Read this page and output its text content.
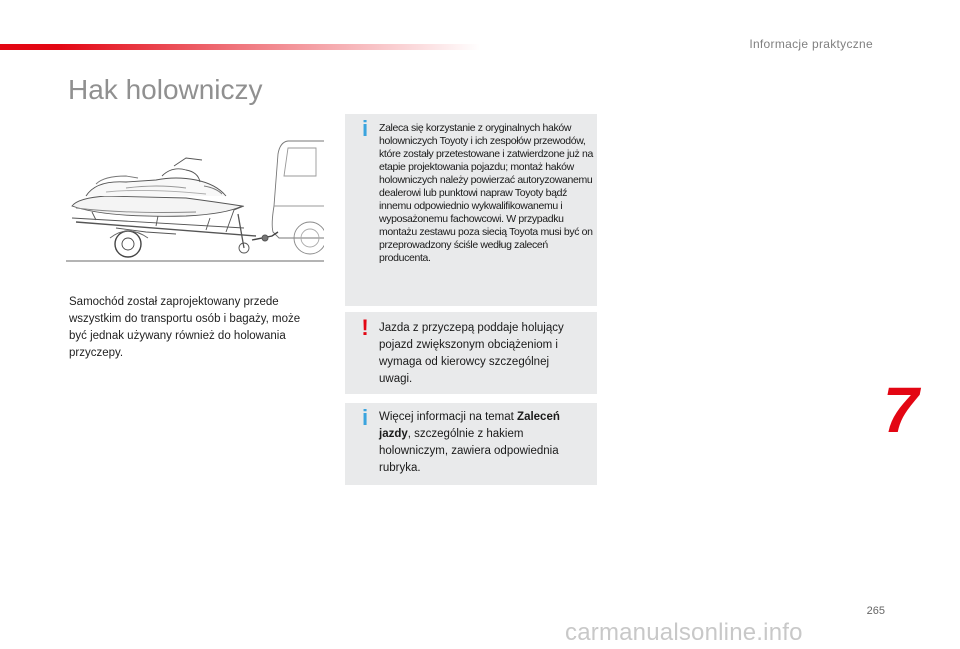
Informacje praktyczne
Hak holowniczy

Samochód został zaprojektowany przede wszystkim do transportu osób i bagaży, może być jednak używany również do holowania przyczepy.

i	Zaleca się korzystanie z oryginalnych haków holowniczych Toyoty i ich zespołów przewodów, które zostały przetestowane i zatwierdzone już na etapie projektowania pojazdu; montaż haków holowniczych należy powierzać autoryzowanemu dealerowi lub punktowi napraw Toyoty bądź innemu odpowiednio wykwalifikowanemu i wyposażonemu fachowcowi. W przypadku montażu zestawu poza siecią Toyota musi być on przeprowadzony ściśle według zaleceń producenta.

! Jazda z przyczepą poddaje holujący pojazd zwiększonym obciążeniom i wymaga od kierowcy szczególnej uwagi.

i Więcej informacji na temat Zaleceń jazdy, szczególnie z hakiem holowniczym, zawiera odpowiednia rubryka.

7
265
carmanualsonline.info
